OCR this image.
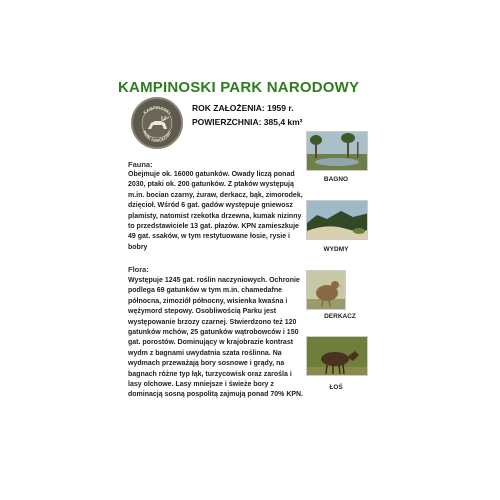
KAMPINOSKI PARK NARODOWY
KAMPINOSKI
PARK NARODOWY
ROK ZAŁOŻENIA: 1959 r.
POWIERZCHNIA: 385,4 km²
Fauna:
Obejmuje ok. 16000 gatunków. Owady liczą ponad 2030, ptaki ok. 200 gatunków. Z ptaków występują m.in. bocian czarny, żuraw, derkacz, bąk, zimorodek, dzięcioł. Wśród 6 gat. gadów występuje gniewosz plamisty, natomist rzekotka drzewna, kumak nizinny to przedstawiciele 13 gat. płazów. KPN zamieszkuje 49 gat. ssaków, w tym restytuowane łosie, rysie i bobry
Flora:
Występuje 1245 gat. roślin naczyniowych. Ochronie podlega 69 gatunków w tym m.in. chamedafne północna, zimoziół północny, wisienka kwaśna i wężymord stepowy. Osobliwością Parku jest występowanie brzozy czarnej. Stwierdzono też 120 gatunków mchów, 25 gatunków wątrobowców i 150 gat. porostów. Dominujący w krajobrazie kontrast wydm z bagnami uwydatnia szata roślinna. Na wydmach przeważają bory sosnowe i grądy, na bagnach różne typ łąk, turzycowisk oraz zarośla i lasy olchowe. Lasy mniejsze i świeże bory z dominacją sosną pospolitą zajmują ponad 70% KPN.
BAGNO
WYDMY
DERKACZ
ŁOŚ
